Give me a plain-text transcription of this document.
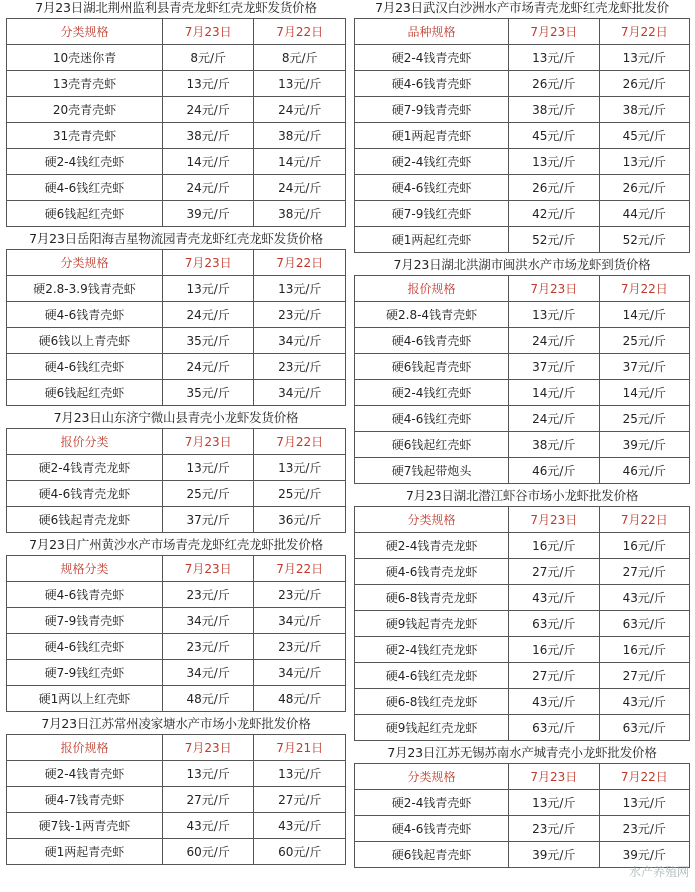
7月23日湖北荆州监利县青壳龙虾红壳龙虾发货价格
分类规格	7月23日	7月22日
10壳迷你青	8元/斤	8元/斤
13壳青壳虾	13元/斤	13元/斤
20壳青壳虾	24元/斤	24元/斤
31壳青壳虾	38元/斤	38元/斤
硬2-4钱红壳虾	14元/斤	14元/斤
硬4-6钱红壳虾	24元/斤	24元/斤
硬6钱起红壳虾	39元/斤	38元/斤
7月23日岳阳海吉星物流园青壳龙虾红壳龙虾发货价格
分类规格	7月23日	7月22日
硬2.8-3.9钱青壳虾	13元/斤	13元/斤
硬4-6钱青壳虾	24元/斤	23元/斤
硬6钱以上青壳虾	35元/斤	34元/斤
硬4-6钱红壳虾	24元/斤	23元/斤
硬6钱起红壳虾	35元/斤	34元/斤
7月23日山东济宁微山县青壳小龙虾发货价格
报价分类	7月23日	7月22日
硬2-4钱青壳龙虾	13元/斤	13元/斤
硬4-6钱青壳龙虾	25元/斤	25元/斤
硬6钱起青壳龙虾	37元/斤	36元/斤
7月23日广州黄沙水产市场青壳龙虾红壳龙虾批发价格
规格分类	7月23日	7月22日
硬4-6钱青壳虾	23元/斤	23元/斤
硬7-9钱青壳虾	34元/斤	34元/斤
硬4-6钱红壳虾	23元/斤	23元/斤
硬7-9钱红壳虾	34元/斤	34元/斤
硬1两以上红壳虾	48元/斤	48元/斤
7月23日江苏常州凌家塘水产市场小龙虾批发价格
报价规格	7月23日	7月21日
硬2-4钱青壳虾	13元/斤	13元/斤
硬4-7钱青壳虾	27元/斤	27元/斤
硬7钱-1两青壳虾	43元/斤	43元/斤
硬1两起青壳虾	60元/斤	60元/斤
7月23日武汉白沙洲水产市场青壳龙虾红壳龙虾批发价
品种规格	7月23日	7月22日
硬2-4钱青壳虾	13元/斤	13元/斤
硬4-6钱青壳虾	26元/斤	26元/斤
硬7-9钱青壳虾	38元/斤	38元/斤
硬1两起青壳虾	45元/斤	45元/斤
硬2-4钱红壳虾	13元/斤	13元/斤
硬4-6钱红壳虾	26元/斤	26元/斤
硬7-9钱红壳虾	42元/斤	44元/斤
硬1两起红壳虾	52元/斤	52元/斤
7月23日湖北洪湖市闽洪水产市场龙虾到货价格
报价规格	7月23日	7月22日
硬2.8-4钱青壳虾	13元/斤	14元/斤
硬4-6钱青壳虾	24元/斤	25元/斤
硬6钱起青壳虾	37元/斤	37元/斤
硬2-4钱红壳虾	14元/斤	14元/斤
硬4-6钱红壳虾	24元/斤	25元/斤
硬6钱起红壳虾	38元/斤	39元/斤
硬7钱起带炮头	46元/斤	46元/斤
7月23日湖北潜江虾谷市场小龙虾批发价格
分类规格	7月23日	7月22日
硬2-4钱青壳龙虾	16元/斤	16元/斤
硬4-6钱青壳龙虾	27元/斤	27元/斤
硬6-8钱青壳龙虾	43元/斤	43元/斤
硬9钱起青壳龙虾	63元/斤	63元/斤
硬2-4钱红壳龙虾	16元/斤	16元/斤
硬4-6钱红壳龙虾	27元/斤	27元/斤
硬6-8钱红壳龙虾	43元/斤	43元/斤
硬9钱起红壳龙虾	63元/斤	63元/斤
7月23日江苏无锡苏南水产城青壳小龙虾批发价格
分类规格	7月23日	7月22日
硬2-4钱青壳虾	13元/斤	13元/斤
硬4-6钱青壳虾	23元/斤	23元/斤
硬6钱起青壳虾	39元/斤	39元/斤
水产养殖网
